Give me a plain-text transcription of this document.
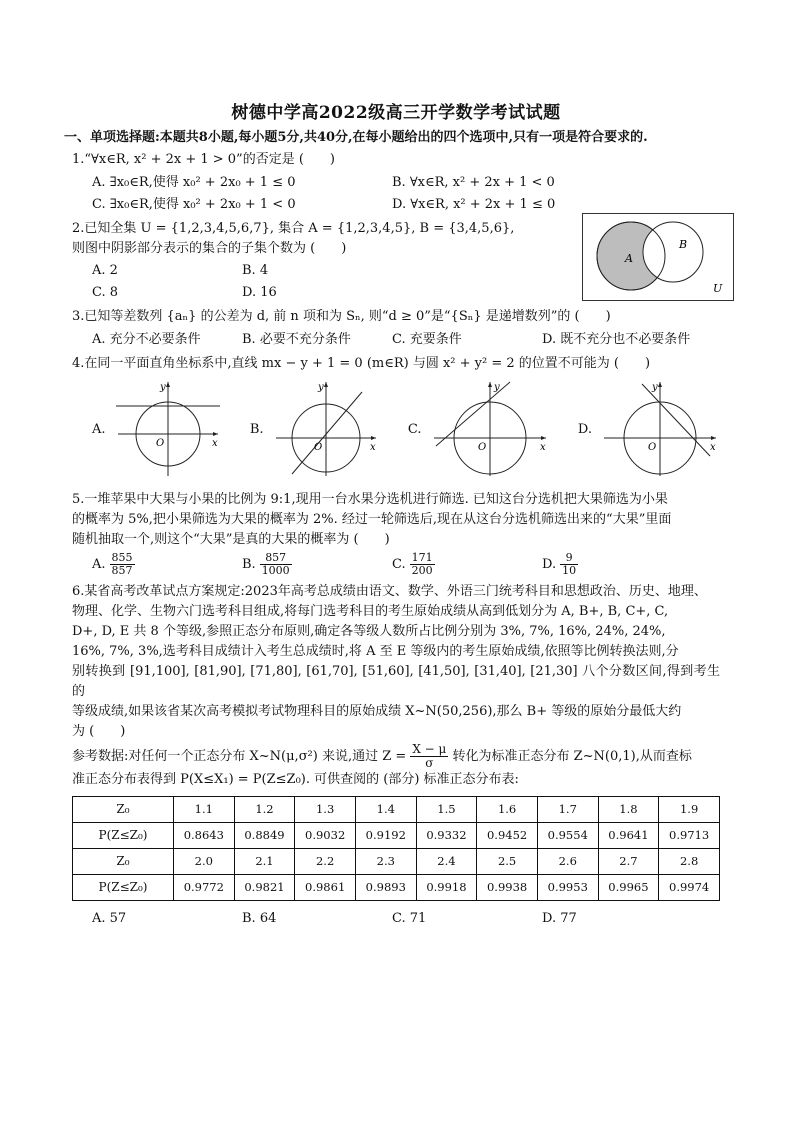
树德中学高2022级高三开学数学考试试题
一、单项选择题:本题共8小题,每小题5分,共40分,在每小题给出的四个选项中,只有一项是符合要求的.

1.“∀x∈R, x² + 2x + 1 > 0”的否定是 (　　)

A. ∃x₀∈R,使得 x₀² + 2x₀ + 1 ≤ 0	B. ∀x∈R, x² + 2x + 1 < 0
C. ∃x₀∈R,使得 x₀² + 2x₀ + 1 < 0	D. ∀x∈R, x² + 2x + 1 ≤ 0

2.已知全集 U = {1,2,3,4,5,6,7}, 集合 A = {1,2,3,4,5}, B = {3,4,5,6},

则图中阴影部分表示的集合的子集个数为 (　　)

A. 2	B. 4
C. 8	D. 16
A
B
U

3.已知等差数列 {aₙ} 的公差为 d, 前 n 项和为 Sₙ, 则“d ≥ 0”是“{Sₙ} 是递增数列”的 (　　)

A. 充分不必要条件	B. 必要不充分条件	C. 充要条件	D. 既不充分也不必要条件

4.在同一平面直角坐标系中,直线 mx − y + 1 = 0 (m∈R) 与圆 x² + y² = 2 的位置不可能为 (　　)

A.
x
y
O
B.
x
y
O
C.
x
y
O
D.
x
y
O

5.一堆苹果中大果与小果的比例为 9:1,现用一台水果分选机进行筛选. 已知这台分选机把大果筛选为小果

的概率为 5%,把小果筛选为大果的概率为 2%. 经过一轮筛选后,现在从这台分选机筛选出来的“大果”里面

随机抽取一个,则这个“大果”是真的大果的概率为 (　　)

A. $\frac{855}{857}$	B. $\frac{857}{1000}$	C. $\frac{171}{200}$	D. $\frac{9}{10}$

6.某省高考改革试点方案规定:2023年高考总成绩由语文、数学、外语三门统考科目和思想政治、历史、地理、

物理、化学、生物六门选考科目组成,将每门选考科目的考生原始成绩从高到低划分为 A, B+, B, C+, C,

D+, D, E 共 8 个等级,参照正态分布原则,确定各等级人数所占比例分别为 3%, 7%, 16%, 24%, 24%,

16%, 7%, 3%,选考科目成绩计入考生总成绩时,将 A 至 E 等级内的考生原始成绩,依照等比例转换法则,分

别转换到 [91,100], [81,90], [71,80], [61,70], [51,60], [41,50], [31,40], [21,30] 八个分数区间,得到考生的

等级成绩,如果该省某次高考模拟考试物理科目的原始成绩 X~N(50,256),那么 B+ 等级的原始分最低大约

为 (　　)

参考数据:对任何一个正态分布 X~N(μ,σ²) 来说,通过 $Z = \frac{X - \mu}{\sigma}$ 转化为标准正态分布 Z~N(0,1),从而查标

准正态分布表得到 P(X≤X₁) = P(Z≤Z₀). 可供查阅的 (部分) 标准正态分布表:

Z₀	1.1	1.2	1.3	1.4	1.5	1.6	1.7	1.8	1.9
P(Z≤Z₀)	0.8643	0.8849	0.9032	0.9192	0.9332	0.9452	0.9554	0.9641	0.9713
Z₀	2.0	2.1	2.2	2.3	2.4	2.5	2.6	2.7	2.8
P(Z≤Z₀)	0.9772	0.9821	0.9861	0.9893	0.9918	0.9938	0.9953	0.9965	0.9974
A. 57	B. 64	C. 71	D. 77
